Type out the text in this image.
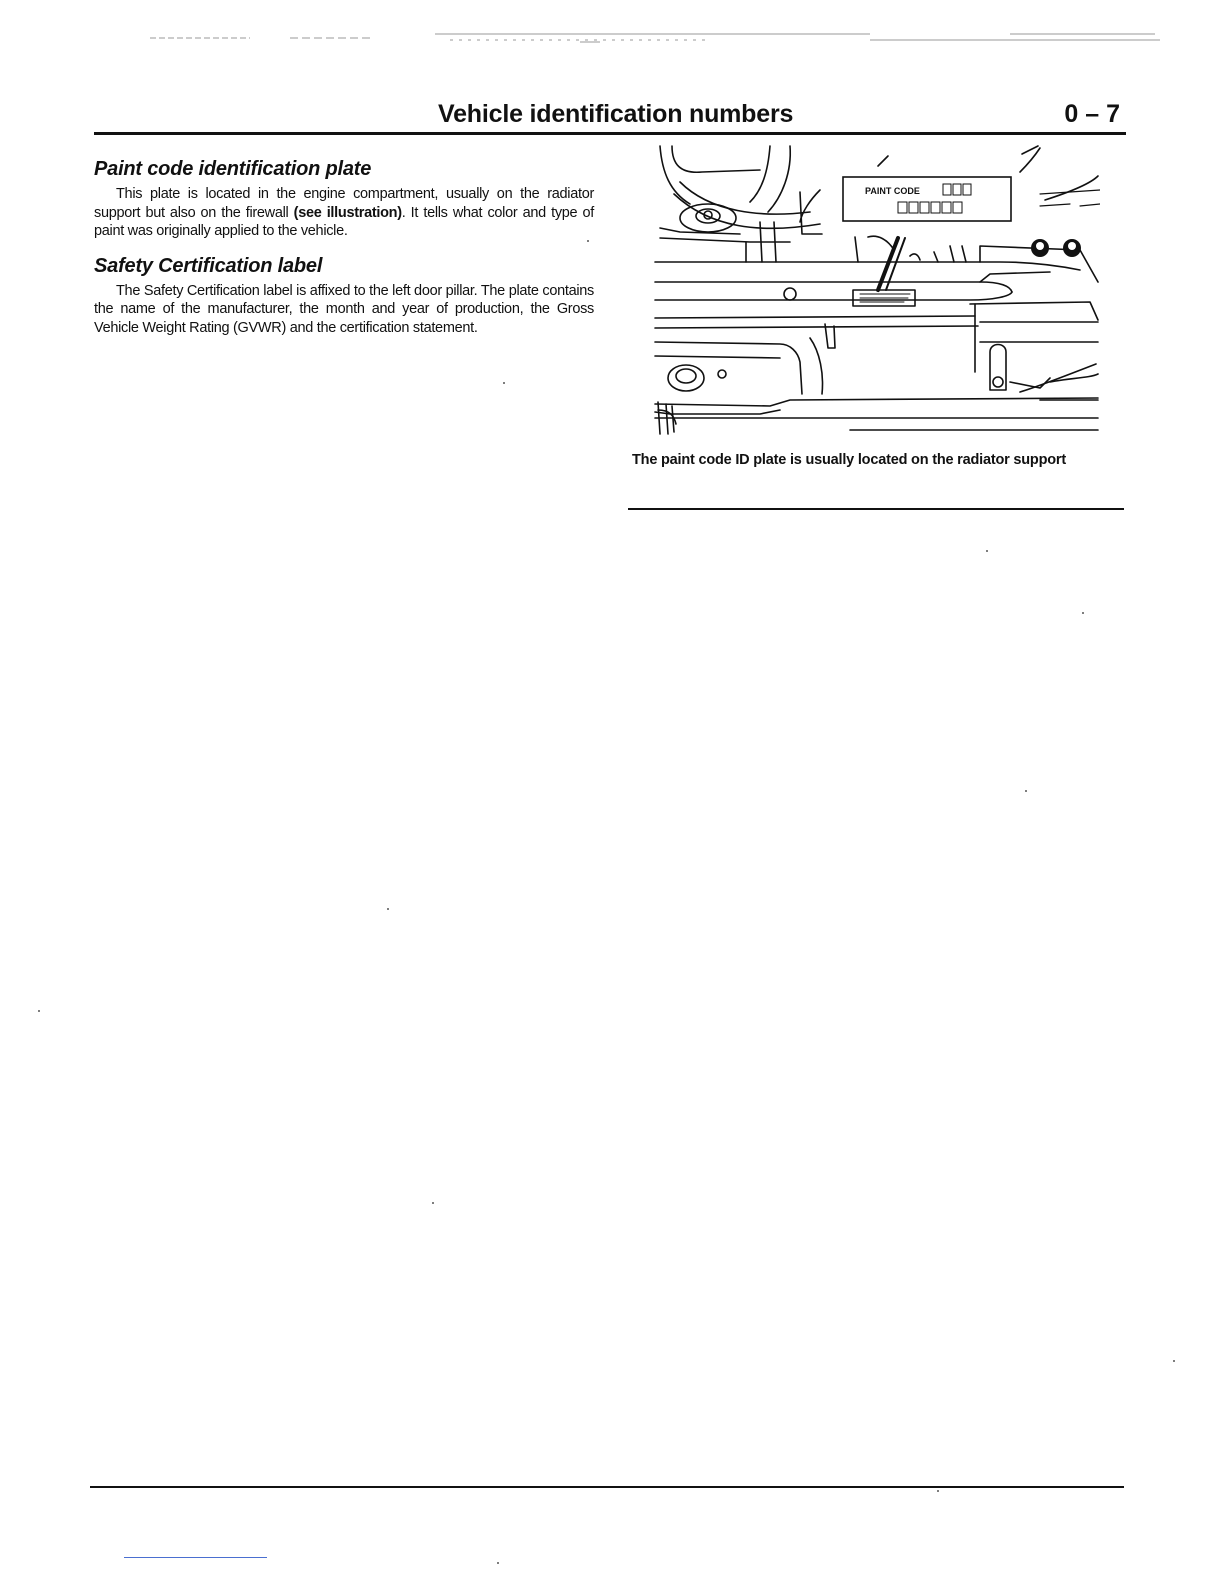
Vehicle identification numbers	0 – 7
Paint code identification plate

This plate is located in the engine compartment, usually on the radiator support but also on the firewall (see illustration). It tells what color and type of paint was originally applied to the vehicle.

Safety Certification label

The Safety Certification label is affixed to the left door pillar. The plate contains the name of the manufacturer, the month and year of production, the Gross Vehicle Weight Rating (GVWR) and the certification statement.

PAINT CODE
The paint code ID plate is usually located on the radiator support
